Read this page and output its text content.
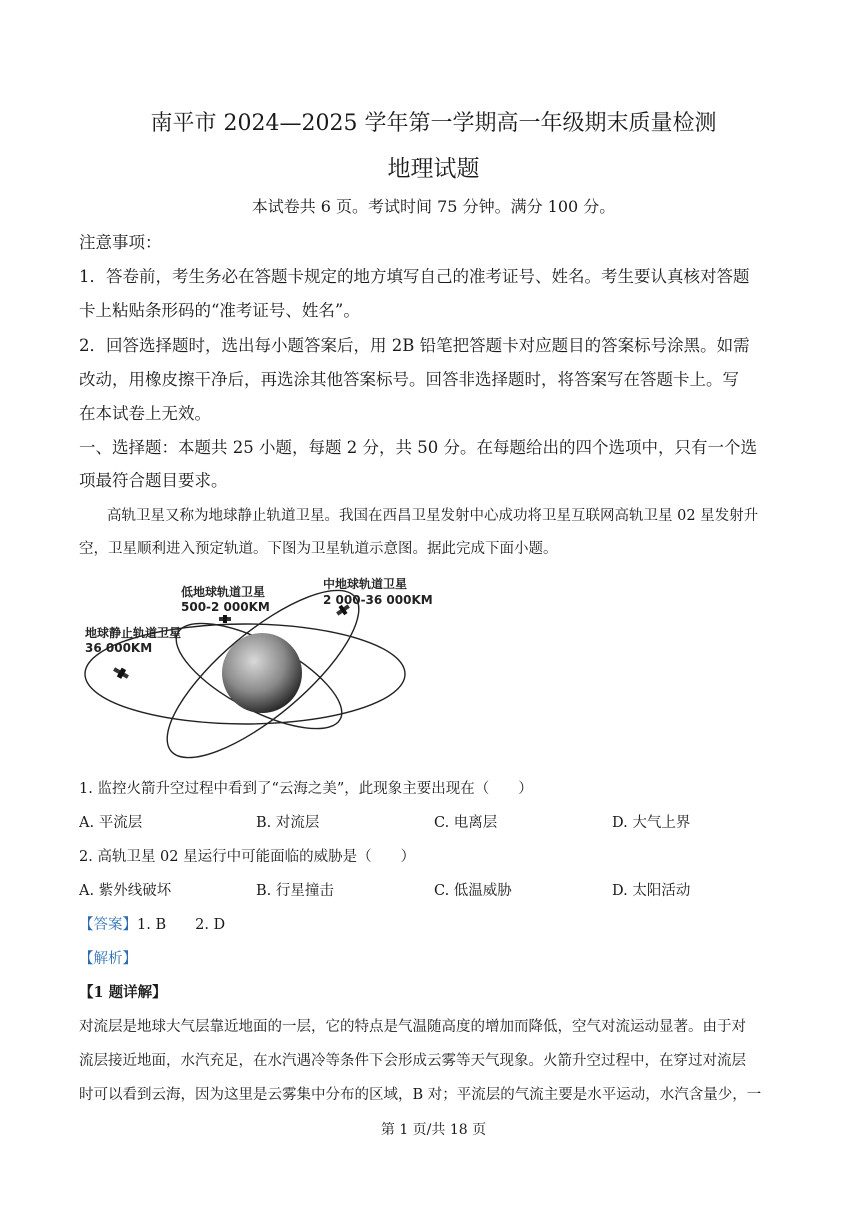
南平市 2024—2025 学年第一学期高一年级期末质量检测
地理试题
本试卷共 6 页。考试时间 75 分钟。满分 100 分。
注意事项：
1．答卷前，考生务必在答题卡规定的地方填写自己的准考证号、姓名。考生要认真核对答题
卡上粘贴条形码的“准考证号、姓名”。
2．回答选择题时，选出每小题答案后，用 2B 铅笔把答题卡对应题目的答案标号涂黑。如需
改动，用橡皮擦干净后，再选涂其他答案标号。回答非选择题时，将答案写在答题卡上。写
在本试卷上无效。
一、选择题：本题共 25 小题，每题 2 分，共 50 分。在每题给出的四个选项中，只有一个选
项最符合题目要求。
高轨卫星又称为地球静止轨道卫星。我国在西昌卫星发射中心成功将卫星互联网高轨卫星 02 星发射升
空，卫星顺利进入预定轨道。下图为卫星轨道示意图。据此完成下面小题。
低地球轨道卫星
500-2 000KM
中地球轨道卫星
2 000-36 000KM
地球静止轨道卫星
36 000KM
1. 监控火箭升空过程中看到了“云海之美”，此现象主要出现在（　　）
A. 平流层	B. 对流层	C. 电离层	D. 大气上界
2. 高轨卫星 02 星运行中可能面临的威胁是（　　）
A. 紫外线破坏	B. 行星撞击	C. 低温威胁	D. 太阳活动
【答案】1. B　　2. D
【解析】
【1 题详解】
对流层是地球大气层靠近地面的一层，它的特点是气温随高度的增加而降低，空气对流运动显著。由于对
流层接近地面，水汽充足，在水汽遇冷等条件下会形成云雾等天气现象。火箭升空过程中，在穿过对流层
时可以看到云海，因为这里是云雾集中分布的区域，B 对；平流层的气流主要是水平运动，水汽含量少，一
第 1 页/共 18 页
